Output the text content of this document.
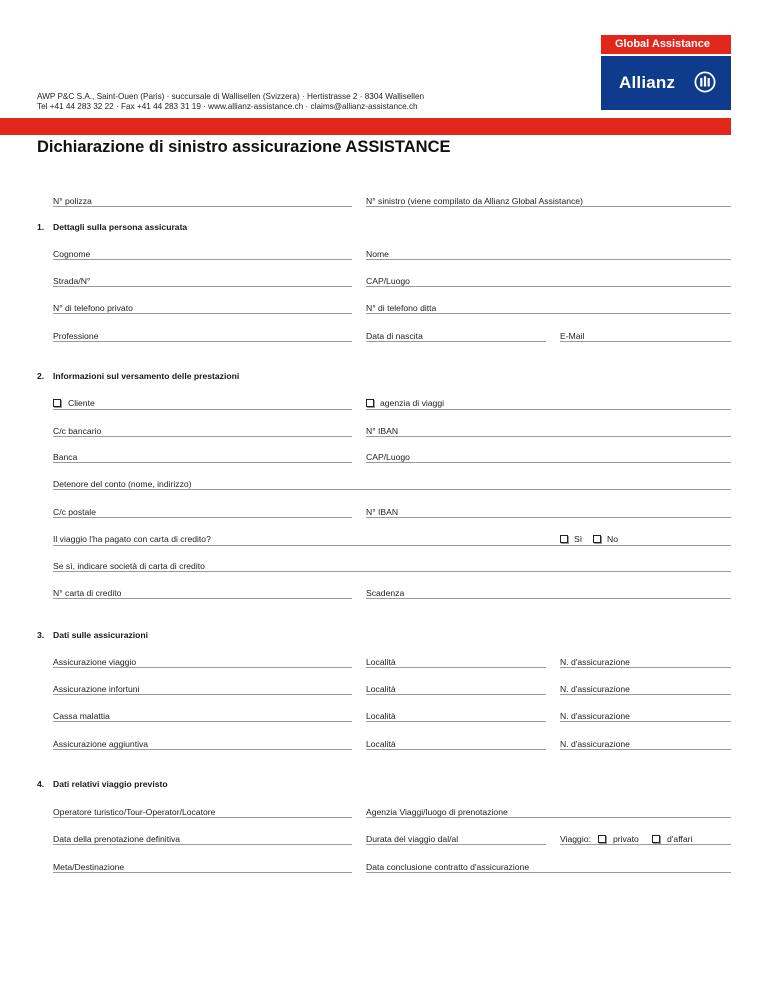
Global Assistance
Allianz
AWP P&C S.A., Saint-Ouen (Paris) · succursale di Wallisellen (Svizzera) · Hertistrasse 2 · 8304 Wallisellen
Tel +41 44 283 32 22 · Fax +41 44 283 31 19 · www.allianz-assistance.ch · claims@allianz-assistance.ch
Dichiarazione di sinistro assicurazione ASSISTANCE
N° polizza	N° sinistro (viene compilato da Allianz Global Assistance)
1. Dettagli sulla persona assicurata
Cognome	Nome
Strada/N°	CAP/Luogo
N° di telefono privato	N° di telefono ditta
Professione	Data di nascita	E-Mail
2. Informazioni sul versamento delle prestazioni
Cliente	agenzia di viaggi
C/c bancario	N° IBAN
Banca	CAP/Luogo
Detenore del conto (nome, indirizzo)
C/c postale	N° IBAN
Il viaggio l'ha pagato con carta di credito?	Sì	No
Se sì, indicare società di carta di credito
N° carta di credito	Scadenza
3. Dati sulle assicurazioni
Assicurazione viaggio	Località	N. d'assicurazione
Assicurazione infortuni	Località	N. d'assicurazione
Cassa malattia	Località	N. d'assicurazione
Assicurazione aggiuntiva	Località	N. d'assicurazione
4. Dati relativi viaggio previsto
Operatore turistico/Tour-Operator/Locatore	Agenzia Viaggi/luogo di prenotazione
Data della prenotazione definitiva	Durata del viaggio dal/al	Viaggio:	privato	d'affari
Meta/Destinazione	Data conclusione contratto d'assicurazione
